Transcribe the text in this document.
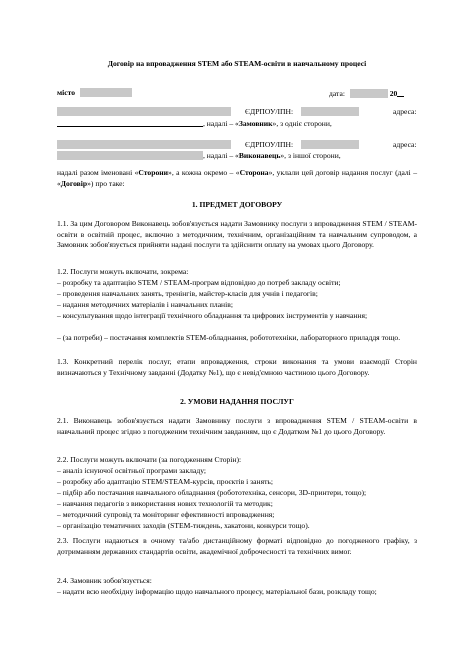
Договір на впровадження STEM або STEAM-освіти в навчальному процесі
місто	дата:	20
ЄДРПОУ/ІПН:	адреса:
, надалі – «Замовник», з одніє сторони,
ЄДРПОУ/ІПН:	адреса:
, надалі – «Виконавець», з іншої сторони,
надалі разом іменовані «Сторони», а кожна окремо – «Сторона», уклали цей договір надання послуг (далі – «Договір») про таке:
1. ПРЕДМЕТ ДОГОВОРУ
1.1. За цим Договором Виконавець зобов'язується надати Замовнику послуги з впровадження STEM / STEAM-освіти в освітній процес, включно з методичним, технічним, організаційним та навчальним супроводом, а Замовник зобов'язується прийняти надані послуги та здійснити оплату на умовах цього Договору.
1.2. Послуги можуть включати, зокрема:
– розробку та адаптацію STEM / STEAM-програм відповідно до потреб закладу освіти;
– проведення навчальних занять, тренінгів, майстер-класів для учнів і педагогів;
– надання методичних матеріалів і навчальних планів;
– консультування щодо інтеграції технічного обладнання та цифрових інструментів у навчання;
– (за потреби) – постачання комплектів STEM-обладнання, робототехніки, лабораторного приладдя тощо.
1.3. Конкретний перелік послуг, етапи впровадження, строки виконання та умови взаємодії Сторін визначаються у Технічному завданні (Додатку №1), що є невід'ємною частиною цього Договору.
2. УМОВИ НАДАННЯ ПОСЛУГ
2.1. Виконавець зобов'язується надати Замовнику послуги з впровадження STEM / STEAM-освіти в навчальний процес згідно з погодженим технічним завданням, що є Додатком №1 до цього Договору.
2.2. Послуги можуть включати (за погодженням Сторін):
– аналіз існуючої освітньої програми закладу;
– розробку або адаптацію STEM/STEAM-курсів, проєктів і занять;
– підбір або постачання навчального обладнання (робототехніка, сенсори, 3D-принтери, тощо);
– навчання педагогів з використання нових технологій та методик;
– методичний супровід та моніторинг ефективності впровадження;
– організацію тематичних заходів (STEM-тиждень, хакатони, конкурси тощо).
2.3. Послуги надаються в очному та/або дистанційному форматі відповідно до погодженого графіку, з дотриманням державних стандартів освіти, академічної доброчесності та технічних вимог.
2.4. Замовник зобов'язується:
– надати всю необхідну інформацію щодо навчального процесу, матеріальної бази, розкладу тощо;
